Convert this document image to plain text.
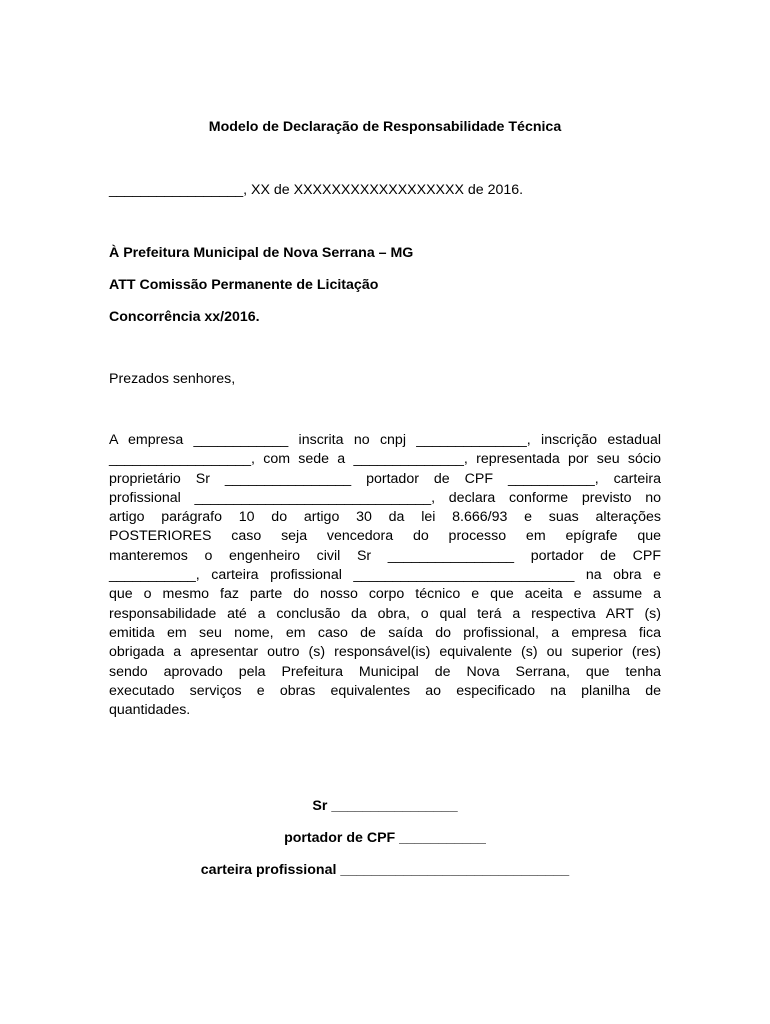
Modelo de Declaração de Responsabilidade Técnica
_________________, XX de XXXXXXXXXXXXXXXXXX de 2016.
À Prefeitura Municipal de Nova Serrana – MG
ATT Comissão Permanente de Licitação
Concorrência xx/2016.
Prezados senhores,
A empresa ____________ inscrita no cnpj ______________, inscrição estadual
__________________, com sede a ______________, representada por seu sócio
proprietário Sr ________________ portador de CPF ___________, carteira
profissional ______________________________, declara conforme previsto no
artigo parágrafo 10 do artigo 30 da lei 8.666/93 e suas alterações
POSTERIORES caso seja vencedora do processo em epígrafe que
manteremos o engenheiro civil Sr ________________ portador de CPF
___________, carteira profissional ____________________________ na obra e
que o mesmo faz parte do nosso corpo técnico e que aceita e assume a
responsabilidade até a conclusão da obra, o qual terá a respectiva ART (s)
emitida em seu nome, em caso de saída do profissional, a empresa fica
obrigada a apresentar outro (s) responsável(is) equivalente (s) ou superior (res)
sendo aprovado pela Prefeitura Municipal de Nova Serrana, que tenha
executado serviços e obras equivalentes ao especificado na planilha de
quantidades.
Sr ________________
portador de CPF ___________
carteira profissional _____________________________
